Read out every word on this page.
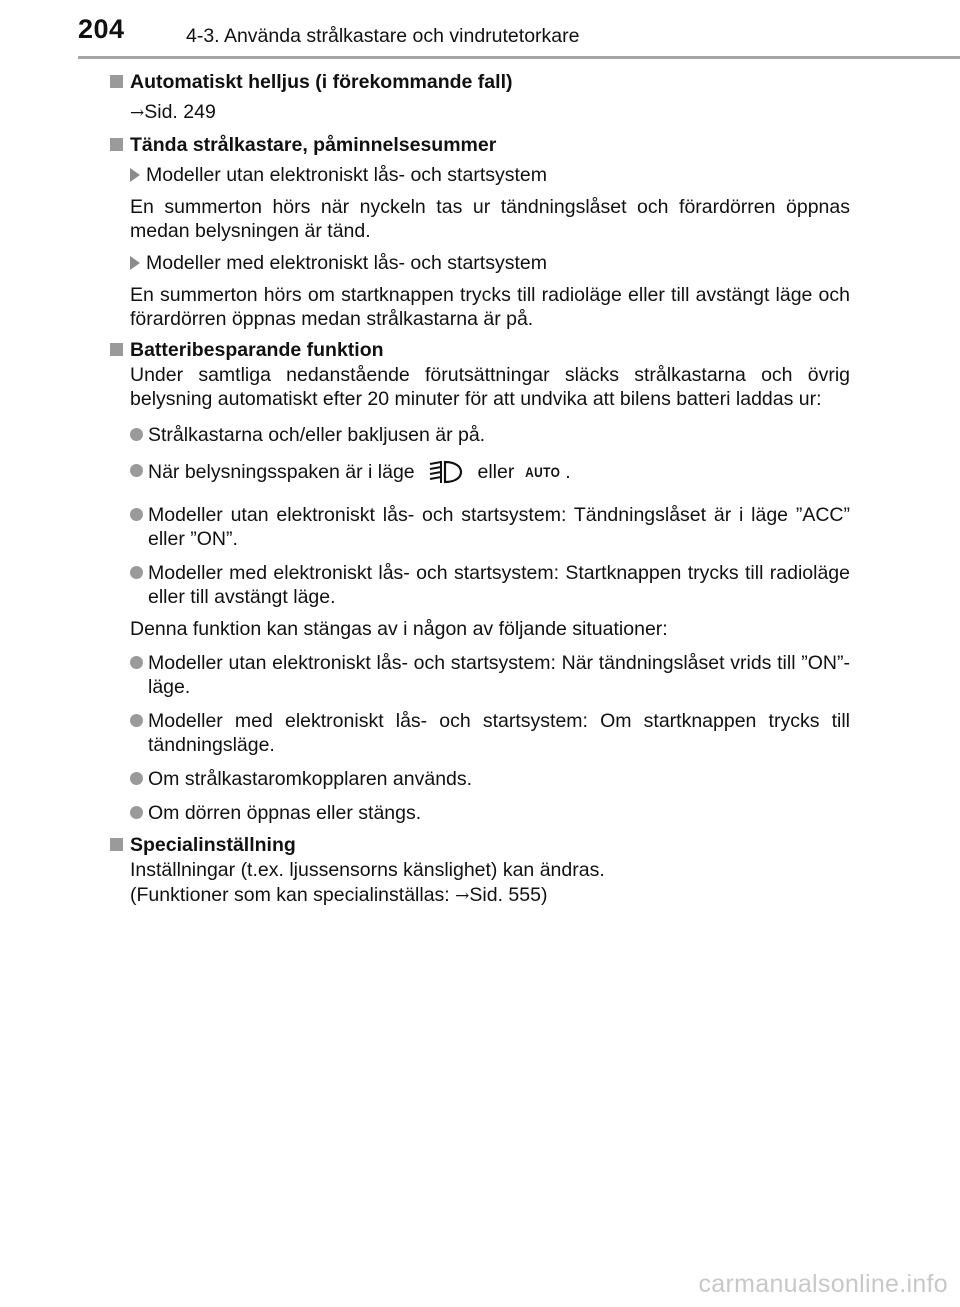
204	4-3. Använda strålkastare och vindrutetorkare
Automatiskt helljus (i förekommande fall)
→Sid. 249
Tända strålkastare, påminnelsesummer
Modeller utan elektroniskt lås- och startsystem
En summerton hörs när nyckeln tas ur tändningslåset och förardörren öppnas medan belysningen är tänd.
Modeller med elektroniskt lås- och startsystem
En summerton hörs om startknappen trycks till radioläge eller till avstängt läge och förardörren öppnas medan strålkastarna är på.
Batteribesparande funktion
Under samtliga nedanstående förutsättningar släcks strålkastarna och övrig belysning automatiskt efter 20 minuter för att undvika att bilens batteri laddas ur:
Strålkastarna och/eller bakljusen är på.
När belysningsspaken är i läge	eller AUTO .
Modeller utan elektroniskt lås- och startsystem: Tändningslåset är i läge ”ACC” eller ”ON”.
Modeller med elektroniskt lås- och startsystem: Startknappen trycks till radioläge eller till avstängt läge.
Denna funktion kan stängas av i någon av följande situationer:
Modeller utan elektroniskt lås- och startsystem: När tändningslåset vrids till ”ON”-läge.
Modeller med elektroniskt lås- och startsystem: Om startknappen trycks till tändningsläge.
Om strålkastaromkopplaren används.
Om dörren öppnas eller stängs.
Specialinställning
Inställningar (t.ex. ljussensorns känslighet) kan ändras.
(Funktioner som kan specialinställas: →Sid. 555)
carmanualsonline.info
